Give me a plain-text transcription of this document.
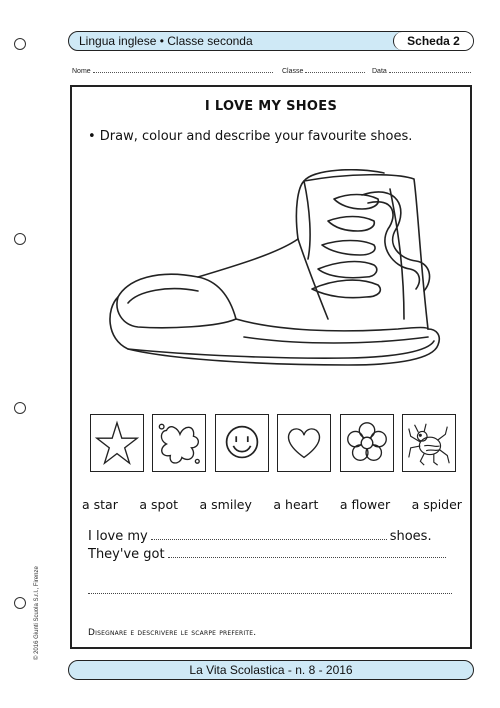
Lingua inglese • Classe seconda	Scheda 2
Nome	Classe	Data
I LOVE MY SHOES
• Draw, colour and describe your favourite shoes.
a star a spot a smiley a heart a flower a spider
I love my	shoes.
They've got
Disegnare e descrivere le scarpe preferite.
© 2016 Giunti Scuola S.r.l., Firenze
La Vita Scolastica - n. 8 - 2016
